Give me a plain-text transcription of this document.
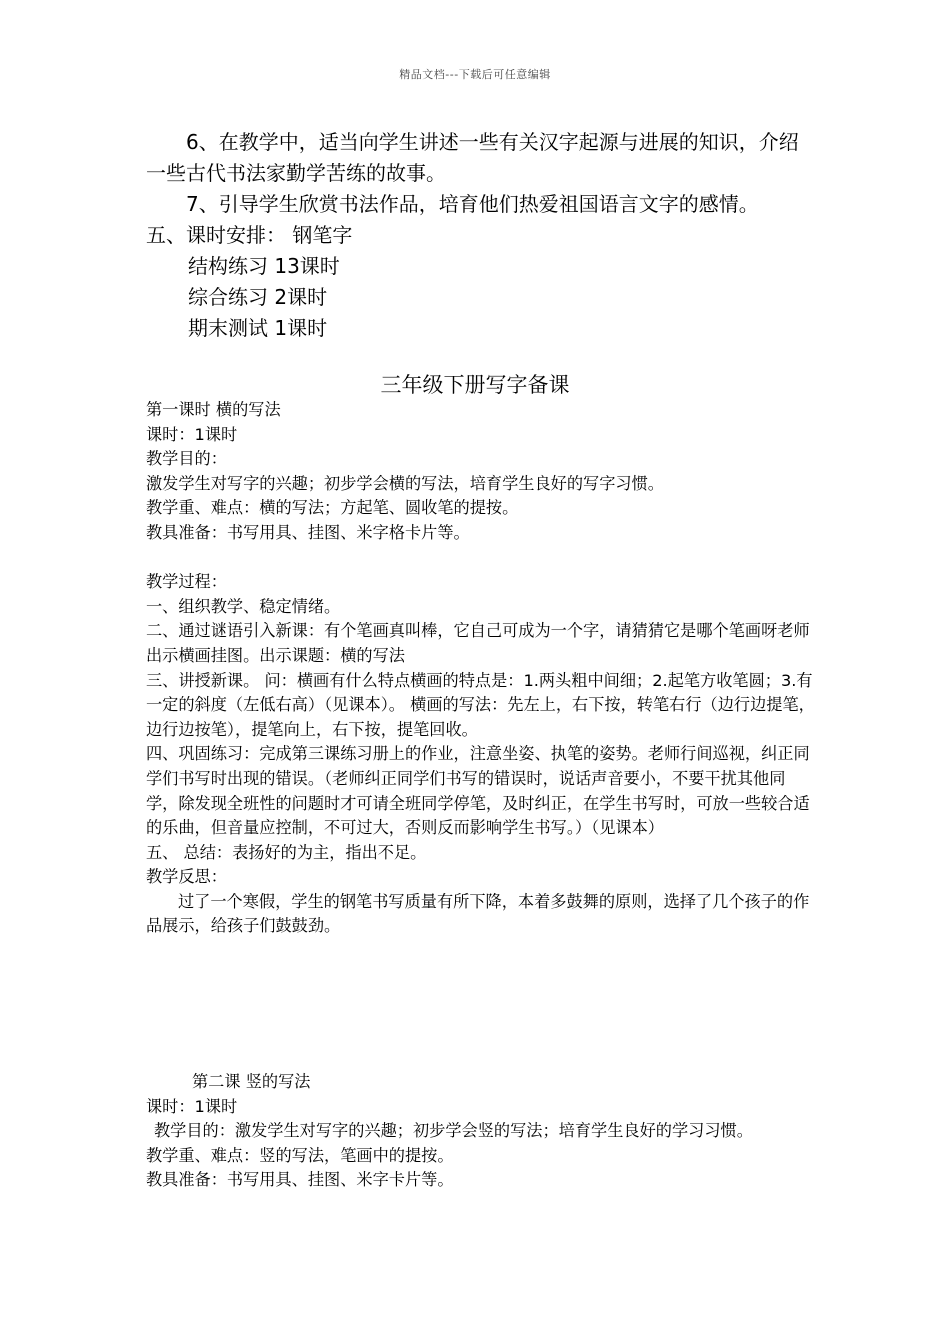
精品文档---下载后可任意编辑

6、在教学中，适当向学生讲述一些有关汉字起源与进展的知识，介绍一些古代书法家勤学苦练的故事。

7、引导学生欣赏书法作品，培育他们热爱祖国语言文字的感情。

五、课时安排： 钢笔字

结构练习 13课时

综合练习 2课时

期末测试 1课时

三年级下册写字备课

第一课时 横的写法

课时：1课时

教学目的：

激发学生对写字的兴趣；初步学会横的写法，培育学生良好的写字习惯。

教学重、难点：横的写法；方起笔、圆收笔的提按。

教具准备：书写用具、挂图、米字格卡片等。

教学过程：

一、组织教学、稳定情绪。

二、通过谜语引入新课：有个笔画真叫棒，它自己可成为一个字，请猜猜它是哪个笔画呀老师出示横画挂图。出示课题：横的写法

三、讲授新课。 问：横画有什么特点横画的特点是：1.两头粗中间细；2.起笔方收笔圆；3.有一定的斜度（左低右高）（见课本）。 横画的写法：先左上，右下按，转笔右行（边行边提笔，边行边按笔），提笔向上，右下按，提笔回收。

四、巩固练习：完成第三课练习册上的作业，注意坐姿、执笔的姿势。老师行间巡视，纠正同学们书写时出现的错误。（老师纠正同学们书写的错误时，说话声音要小，不要干扰其他同学，除发现全班性的问题时才可请全班同学停笔，及时纠正，在学生书写时，可放一些较合适的乐曲，但音量应控制，不可过大，否则反而影响学生书写。）（见课本）

五、 总结：表扬好的为主，指出不足。

教学反思：

过了一个寒假，学生的钢笔书写质量有所下降，本着多鼓舞的原则，选择了几个孩子的作品展示，给孩子们鼓鼓劲。

第二课 竖的写法

课时：1课时

教学目的：激发学生对写字的兴趣；初步学会竖的写法；培育学生良好的学习习惯。

教学重、难点：竖的写法，笔画中的提按。

教具准备：书写用具、挂图、米字卡片等。
